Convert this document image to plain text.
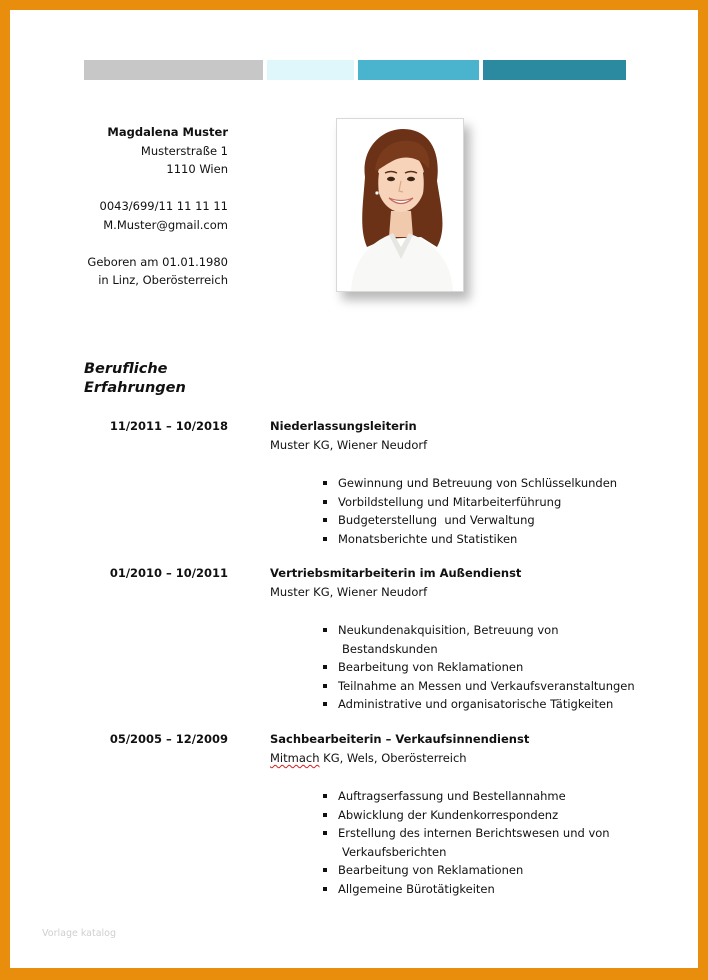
Magdalena Muster
Musterstraße 1
1110 Wien
0043/699/11 11 11 11
M.Muster@gmail.com
Geboren am 01.01.1980
in Linz, Oberösterreich
Berufliche
Erfahrungen
11/2011 – 10/2018	Niederlassungsleiterin
Muster KG, Wiener Neudorf
Gewinnung und Betreuung von Schlüsselkunden
Vorbildstellung und Mitarbeiterführung
Budgeterstellung  und Verwaltung
Monatsberichte und Statistiken
01/2010 – 10/2011	Vertriebsmitarbeiterin im Außendienst
Muster KG, Wiener Neudorf
Neukundenakquisition, Betreuung von
Bestandskunden
Bearbeitung von Reklamationen
Teilnahme an Messen und Verkaufsveranstaltungen
Administrative und organisatorische Tätigkeiten
05/2005 – 12/2009	Sachbearbeiterin – Verkaufsinnendienst
Mitmach KG, Wels, Oberösterreich
Auftragserfassung und Bestellannahme
Abwicklung der Kundenkorrespondenz
Erstellung des internen Berichtswesen und von
Verkaufsberichten
Bearbeitung von Reklamationen
Allgemeine Bürotätigkeiten
Vorlage katalog
